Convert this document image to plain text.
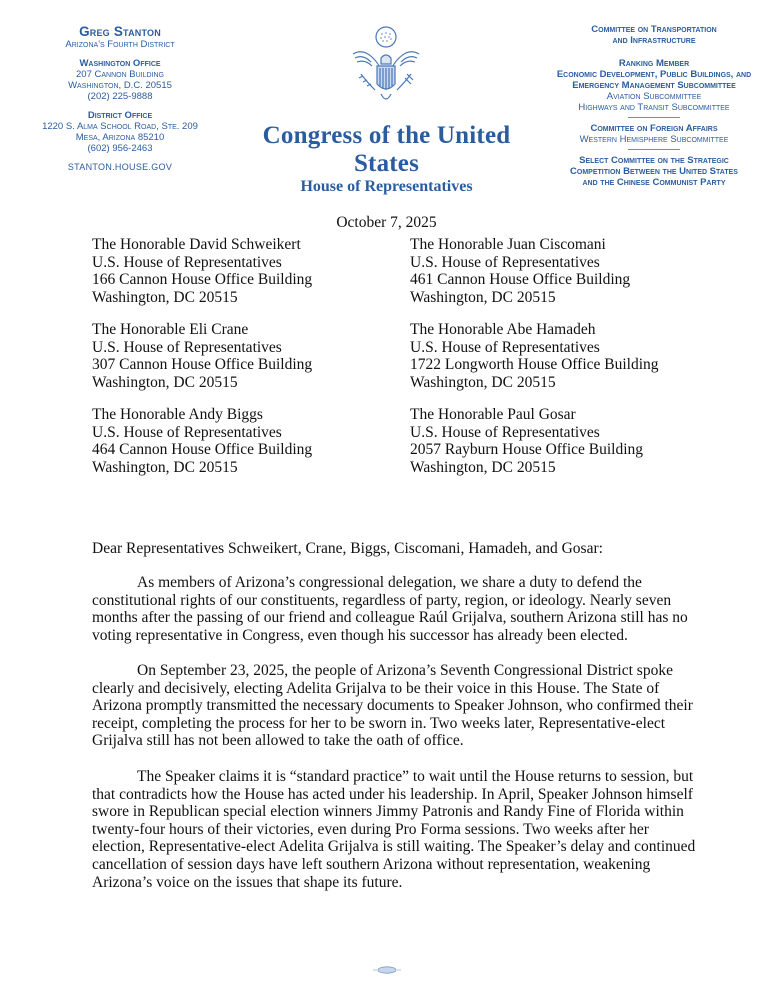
Greg Stanton
Arizona's Fourth District
Washington Office
207 Cannon Building
Washington, D.C. 20515
(202) 225-9888
District Office
1220 S. Alma School Road, Ste. 209
Mesa, Arizona 85210
(602) 956-2463
STANTON.HOUSE.GOV
Congress of the United States
House of Representatives
Committee on Transportation
and Infrastructure
Ranking Member
Economic Development, Public Buildings, and
Emergency Management Subcommittee
Aviation Subcommittee
Highways and Transit Subcommittee
Committee on Foreign Affairs
Western Hemisphere Subcommittee
Select Committee on the Strategic
Competition Between the United States
and the Chinese Communist Party
October 7, 2025
The Honorable David Schweikert
U.S. House of Representatives
166 Cannon House Office Building
Washington, DC 20515
The Honorable Juan Ciscomani
U.S. House of Representatives
461 Cannon House Office Building
Washington, DC 20515
The Honorable Eli Crane
U.S. House of Representatives
307 Cannon House Office Building
Washington, DC 20515
The Honorable Abe Hamadeh
U.S. House of Representatives
1722 Longworth House Office Building
Washington, DC 20515
The Honorable Andy Biggs
U.S. House of Representatives
464 Cannon House Office Building
Washington, DC 20515
The Honorable Paul Gosar
U.S. House of Representatives
2057 Rayburn House Office Building
Washington, DC 20515
Dear Representatives Schweikert, Crane, Biggs, Ciscomani, Hamadeh, and Gosar:
As members of Arizona’s congressional delegation, we share a duty to defend the
constitutional rights of our constituents, regardless of party, region, or ideology. Nearly seven
months after the passing of our friend and colleague Raúl Grijalva, southern Arizona still has no
voting representative in Congress, even though his successor has already been elected.
On September 23, 2025, the people of Arizona’s Seventh Congressional District spoke
clearly and decisively, electing Adelita Grijalva to be their voice in this House. The State of
Arizona promptly transmitted the necessary documents to Speaker Johnson, who confirmed their
receipt, completing the process for her to be sworn in. Two weeks later, Representative-elect
Grijalva still has not been allowed to take the oath of office.
The Speaker claims it is “standard practice” to wait until the House returns to session, but
that contradicts how the House has acted under his leadership. In April, Speaker Johnson himself
swore in Republican special election winners Jimmy Patronis and Randy Fine of Florida within
twenty-four hours of their victories, even during Pro Forma sessions. Two weeks after her
election, Representative-elect Adelita Grijalva is still waiting. The Speaker’s delay and continued
cancellation of session days have left southern Arizona without representation, weakening
Arizona’s voice on the issues that shape its future.
